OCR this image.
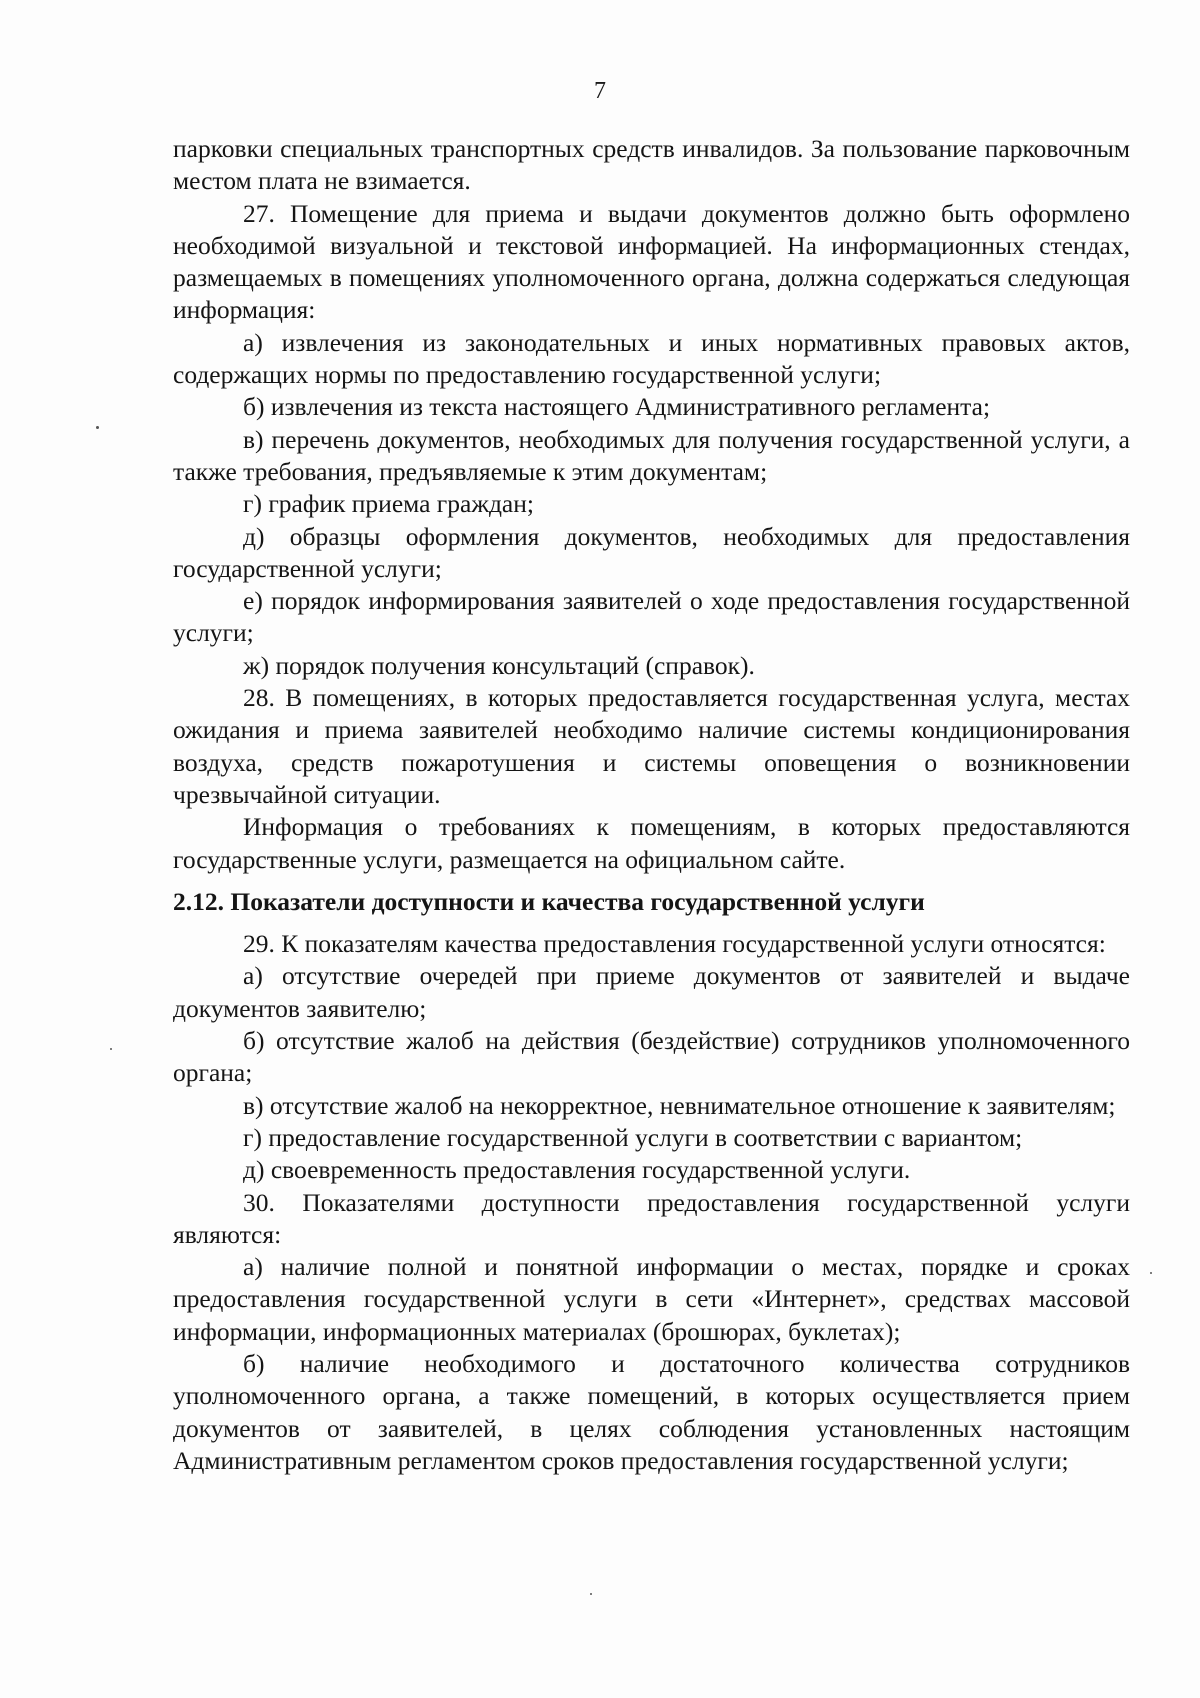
7

парковки специальных транспортных средств инвалидов. За пользование парковочным местом плата не взимается.

27. Помещение для приема и выдачи документов должно быть оформлено необходимой визуальной и текстовой информацией. На информационных стендах, размещаемых в помещениях уполномоченного органа, должна содержаться следующая информация:

а) извлечения из законодательных и иных нормативных правовых актов, содержащих нормы по предоставлению государственной услуги;

б) извлечения из текста настоящего Административного регламента;

в) перечень документов, необходимых для получения государственной услуги, а также требования, предъявляемые к этим документам;

г) график приема граждан;

д) образцы оформления документов, необходимых для предоставления государственной услуги;

е) порядок информирования заявителей о ходе предоставления государственной услуги;

ж) порядок получения консультаций (справок).

28. В помещениях, в которых предоставляется государственная услуга, местах ожидания и приема заявителей необходимо наличие системы кондиционирования воздуха, средств пожаротушения и системы оповещения о возникновении чрезвычайной ситуации.

Информация о требованиях к помещениям, в которых предоставляются государственные услуги, размещается на официальном сайте.

2.12. Показатели доступности и качества государственной услуги

29. К показателям качества предоставления государственной услуги относятся:

а) отсутствие очередей при приеме документов от заявителей и выдаче документов заявителю;

б) отсутствие жалоб на действия (бездействие) сотрудников уполномоченного органа;

в) отсутствие жалоб на некорректное, невнимательное отношение к заявителям;

г) предоставление государственной услуги в соответствии с вариантом;

д) своевременность предоставления государственной услуги.

30. Показателями доступности предоставления государственной услуги являются:

а) наличие полной и понятной информации о местах, порядке и сроках предоставления государственной услуги в сети «Интернет», средствах массовой информации, информационных материалах (брошюрах, буклетах);

б) наличие необходимого и достаточного количества сотрудников уполномоченного органа, а также помещений, в которых осуществляется прием документов от заявителей, в целях соблюдения установленных настоящим Административным регламентом сроков предоставления государственной услуги;
